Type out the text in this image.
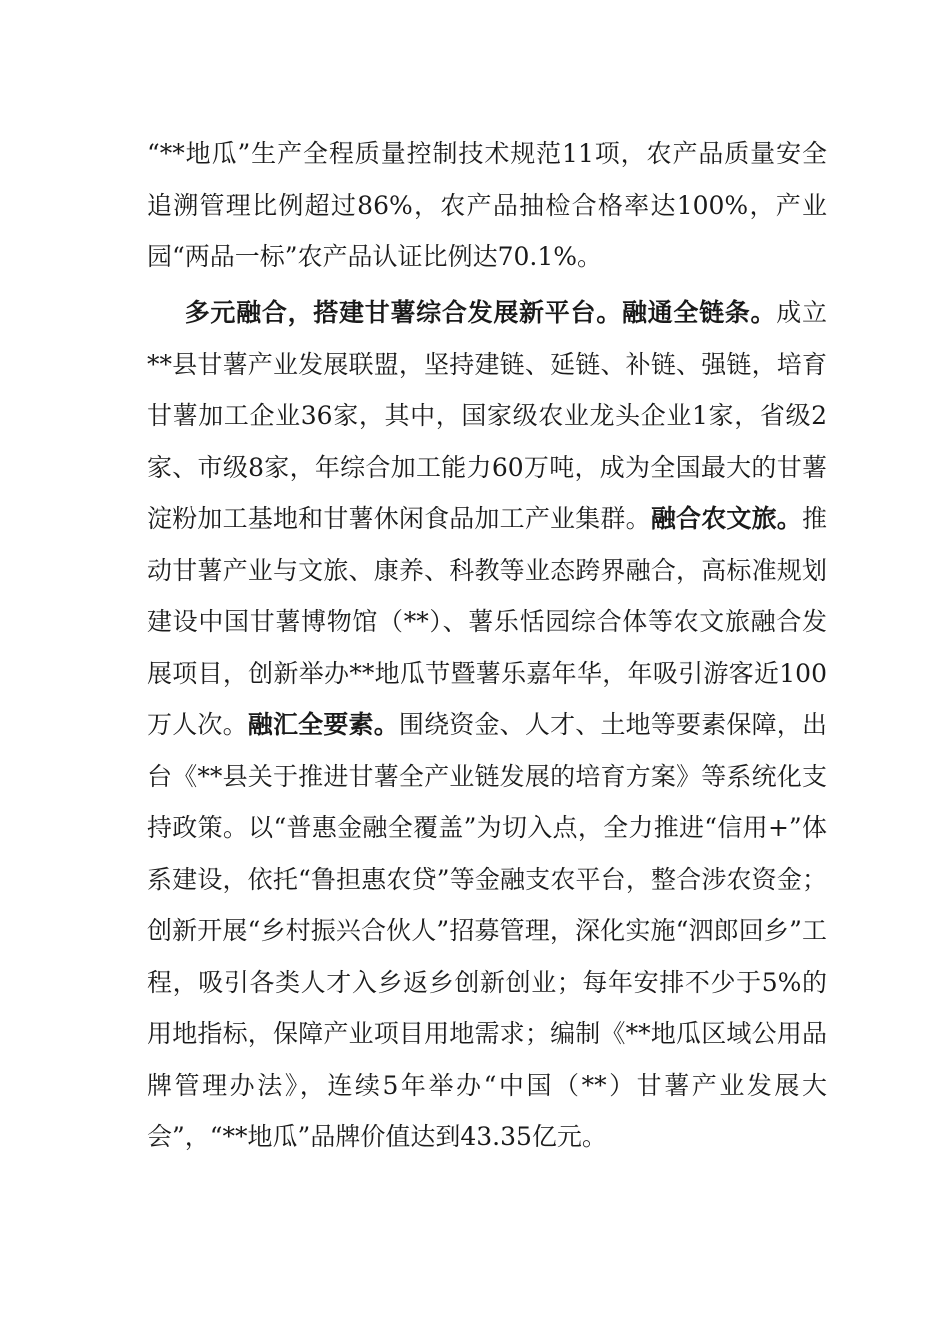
“**地瓜”生产全程质量控制技术规范11项，农产品质量安全追溯管理比例超过86%，农产品抽检合格率达100%，产业园“两品一标”农产品认证比例达70.1%。

多元融合，搭建甘薯综合发展新平台。融通全链条。成立**县甘薯产业发展联盟，坚持建链、延链、补链、强链，培育甘薯加工企业36家，其中，国家级农业龙头企业1家，省级2家、市级8家，年综合加工能力60万吨，成为全国最大的甘薯淀粉加工基地和甘薯休闲食品加工产业集群。融合农文旅。推动甘薯产业与文旅、康养、科教等业态跨界融合，高标准规划建设中国甘薯博物馆（**）、薯乐恬园综合体等农文旅融合发展项目，创新举办**地瓜节暨薯乐嘉年华，年吸引游客近100万人次。融汇全要素。围绕资金、人才、土地等要素保障，出台《**县关于推进甘薯全产业链发展的培育方案》等系统化支持政策。以“普惠金融全覆盖”为切入点，全力推进“信用+”体系建设，依托“鲁担惠农贷”等金融支农平台，整合涉农资金；创新开展“乡村振兴合伙人”招募管理，深化实施“泗郎回乡”工程，吸引各类人才入乡返乡创新创业；每年安排不少于5%的用地指标，保障产业项目用地需求；编制《**地瓜区域公用品牌管理办法》，连续5年举办“中国（**）甘薯产业发展大会”，“**地瓜”品牌价值达到43.35亿元。
